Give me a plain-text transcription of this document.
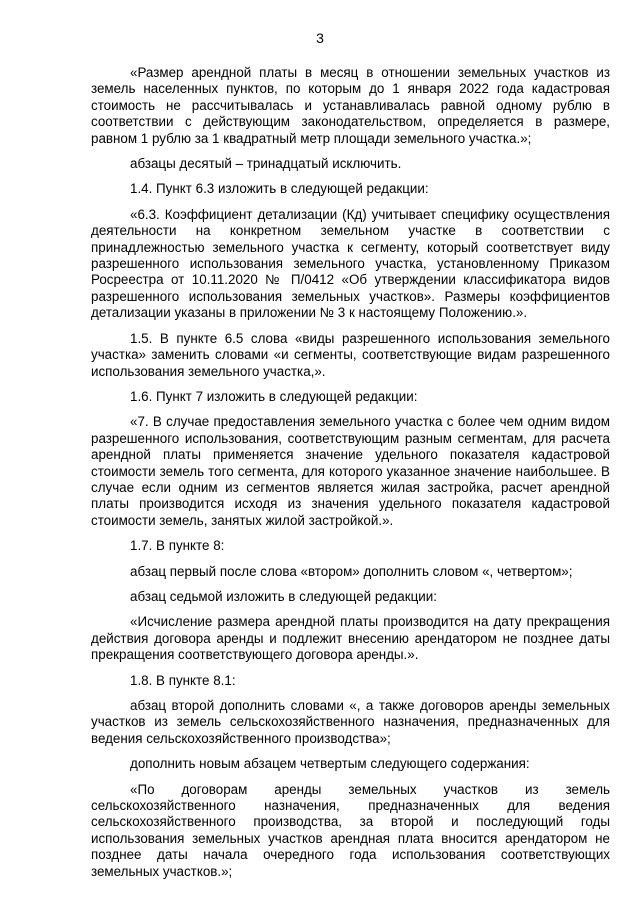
3

«Размер арендной платы в месяц в отношении земельных участков из земель населенных пунктов, по которым до 1 января 2022 года кадастровая стоимость не рассчитывалась и устанавливалась равной одному рублю в соответствии с действующим законодательством, определяется в размере, равном 1 рублю за 1 квадратный метр площади земельного участка.»;

абзацы десятый – тринадцатый исключить.

1.4. Пункт 6.3 изложить в следующей редакции:

«6.3. Коэффициент детализации (Кд) учитывает специфику осуществления деятельности на конкретном земельном участке в соответствии с принадлежностью земельного участка к сегменту, который соответствует виду разрешенного использования земельного участка, установленному Приказом Росреестра от 10.11.2020 № П/0412 «Об утверждении классификатора видов разрешенного использования земельных участков». Размеры коэффициентов детализации указаны в приложении № 3 к настоящему Положению.».

1.5. В пункте 6.5 слова «виды разрешенного использования земельного участка» заменить словами «и сегменты, соответствующие видам разрешенного использования земельного участка,».

1.6. Пункт 7 изложить в следующей редакции:

«7. В случае предоставления земельного участка с более чем одним видом разрешенного использования, соответствующим разным сегментам, для расчета арендной платы применяется значение удельного показателя кадастровой стоимости земель того сегмента, для которого указанное значение наибольшее. В случае если одним из сегментов является жилая застройка, расчет арендной платы производится исходя из значения удельного показателя кадастровой стоимости земель, занятых жилой застройкой.».

1.7. В пункте 8:

абзац первый после слова «втором» дополнить словом «, четвертом»;

абзац седьмой изложить в следующей редакции:

«Исчисление размера арендной платы производится на дату прекращения действия договора аренды и подлежит внесению арендатором не позднее даты прекращения соответствующего договора аренды.».

1.8. В пункте 8.1:

абзац второй дополнить словами «, а также договоров аренды земельных участков из земель сельскохозяйственного назначения, предназначенных для ведения сельскохозяйственного производства»;

дополнить новым абзацем четвертым следующего содержания:

«По договорам аренды земельных участков из земель сельскохозяйственного назначения, предназначенных для ведения сельскохозяйственного производства, за второй и последующий годы использования земельных участков арендная плата вносится арендатором не позднее даты начала очередного года использования соответствующих земельных участков.»;
